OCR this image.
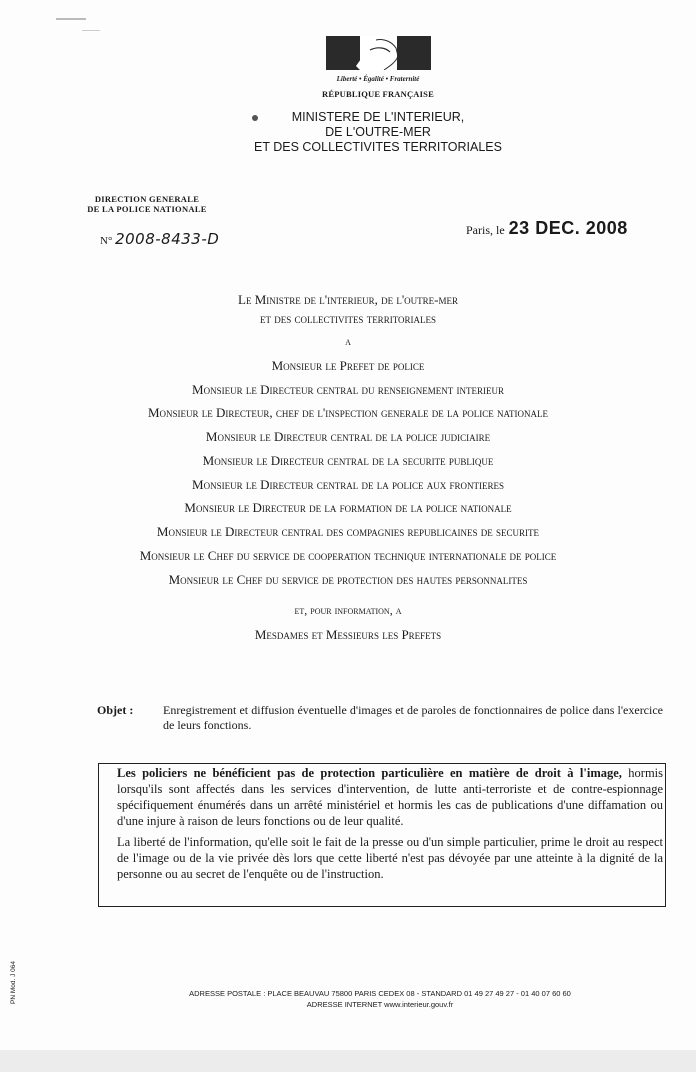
Liberté • Égalité • Fraternité
RÉPUBLIQUE FRANÇAISE
MINISTERE DE L'INTERIEUR,
DE L'OUTRE-MER
ET DES COLLECTIVITES TERRITORIALES
DIRECTION GENERALE
DE LA POLICE NATIONALE
N° 2008-8433-D	Paris, le 23 DEC. 2008
Le Ministre de l'interieur, de l'outre-mer
et des collectivites territoriales
a
Monsieur le Prefet de police
Monsieur le Directeur central du renseignement interieur
Monsieur le Directeur, chef de l'inspection generale de la police nationale
Monsieur le Directeur central de la police judiciaire
Monsieur le Directeur central de la securite publique
Monsieur le Directeur central de la police aux frontieres
Monsieur le Directeur de la formation de la police nationale
Monsieur le Directeur central des compagnies republicaines de securite
Monsieur le Chef du service de cooperation technique internationale de police
Monsieur le Chef du service de protection des hautes personnalites
et, pour information, a
Mesdames et Messieurs les Prefets
Objet : Enregistrement et diffusion éventuelle d'images et de paroles de fonctionnaires de police dans l'exercice de leurs fonctions.

Les policiers ne bénéficient pas de protection particulière en matière de droit à l'image, hormis lorsqu'ils sont affectés dans les services d'intervention, de lutte anti-terroriste et de contre-espionnage spécifiquement énumérés dans un arrêté ministériel et hormis les cas de publications d'une diffamation ou d'une injure à raison de leurs fonctions ou de leur qualité.

La liberté de l'information, qu'elle soit le fait de la presse ou d'un simple particulier, prime le droit au respect de l'image ou de la vie privée dès lors que cette liberté n'est pas dévoyée par une atteinte à la dignité de la personne ou au secret de l'enquête ou de l'instruction.

ADRESSE POSTALE : PLACE BEAUVAU 75800 PARIS CEDEX 08 - STANDARD 01 49 27 49 27 - 01 40 07 60 60
ADRESSE INTERNET www.interieur.gouv.fr
PN Mod. J 064
